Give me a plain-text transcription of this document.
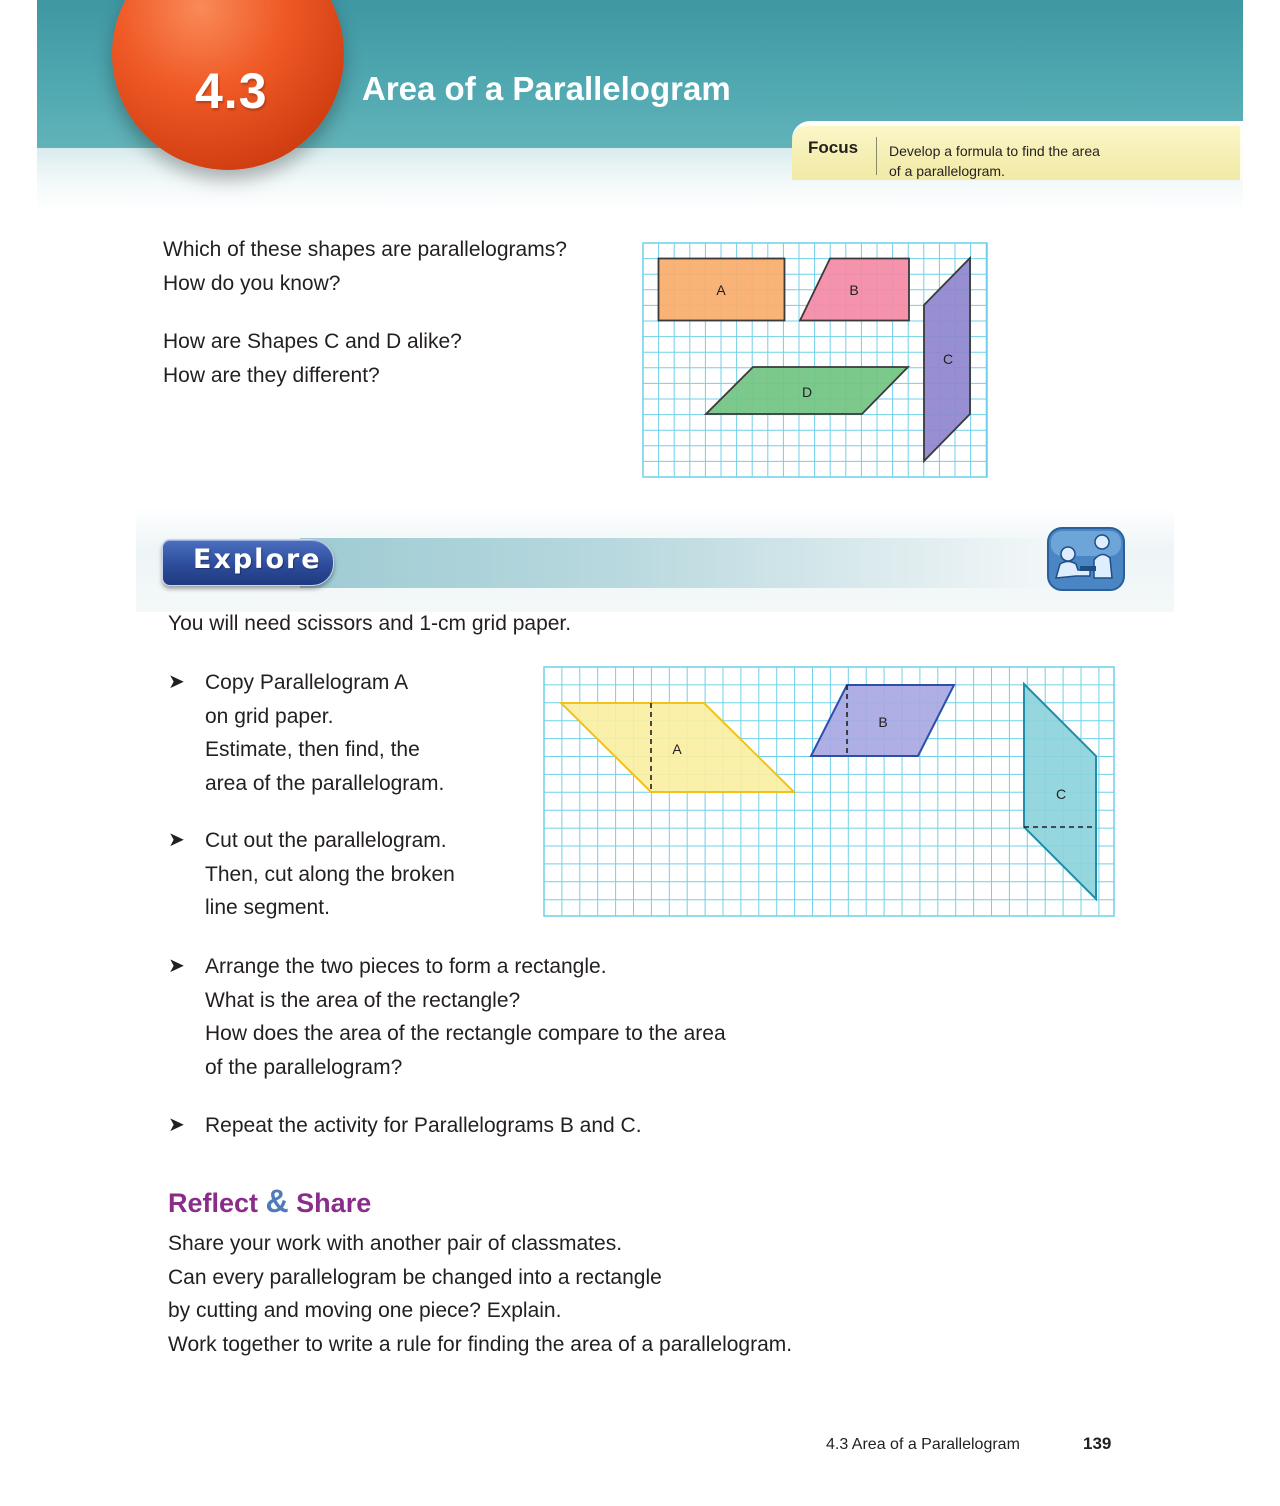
4.3	Area of a Parallelogram
Focus Develop a formula to find the area
of a parallelogram.
Which of these shapes are parallelograms?
How do you know?
How are Shapes C and D alike?
How are they different?
A	B
C
D
Explore
You will need scissors and 1-cm grid paper.
➤ Copy Parallelogram A
on grid paper.
Estimate, then find, the
area of the parallelogram.
➤ Cut out the parallelogram.
Then, cut along the broken
line segment.
➤ Arrange the two pieces to form a rectangle.
What is the area of the rectangle?
How does the area of the rectangle compare to the area
of the parallelogram?
➤ Repeat the activity for Parallelograms B and C.
A
B
C
Reflect & Share
Share your work with another pair of classmates.
Can every parallelogram be changed into a rectangle
by cutting and moving one piece? Explain.
Work together to write a rule for finding the area of a parallelogram.
4.3 Area of a Parallelogram	139
